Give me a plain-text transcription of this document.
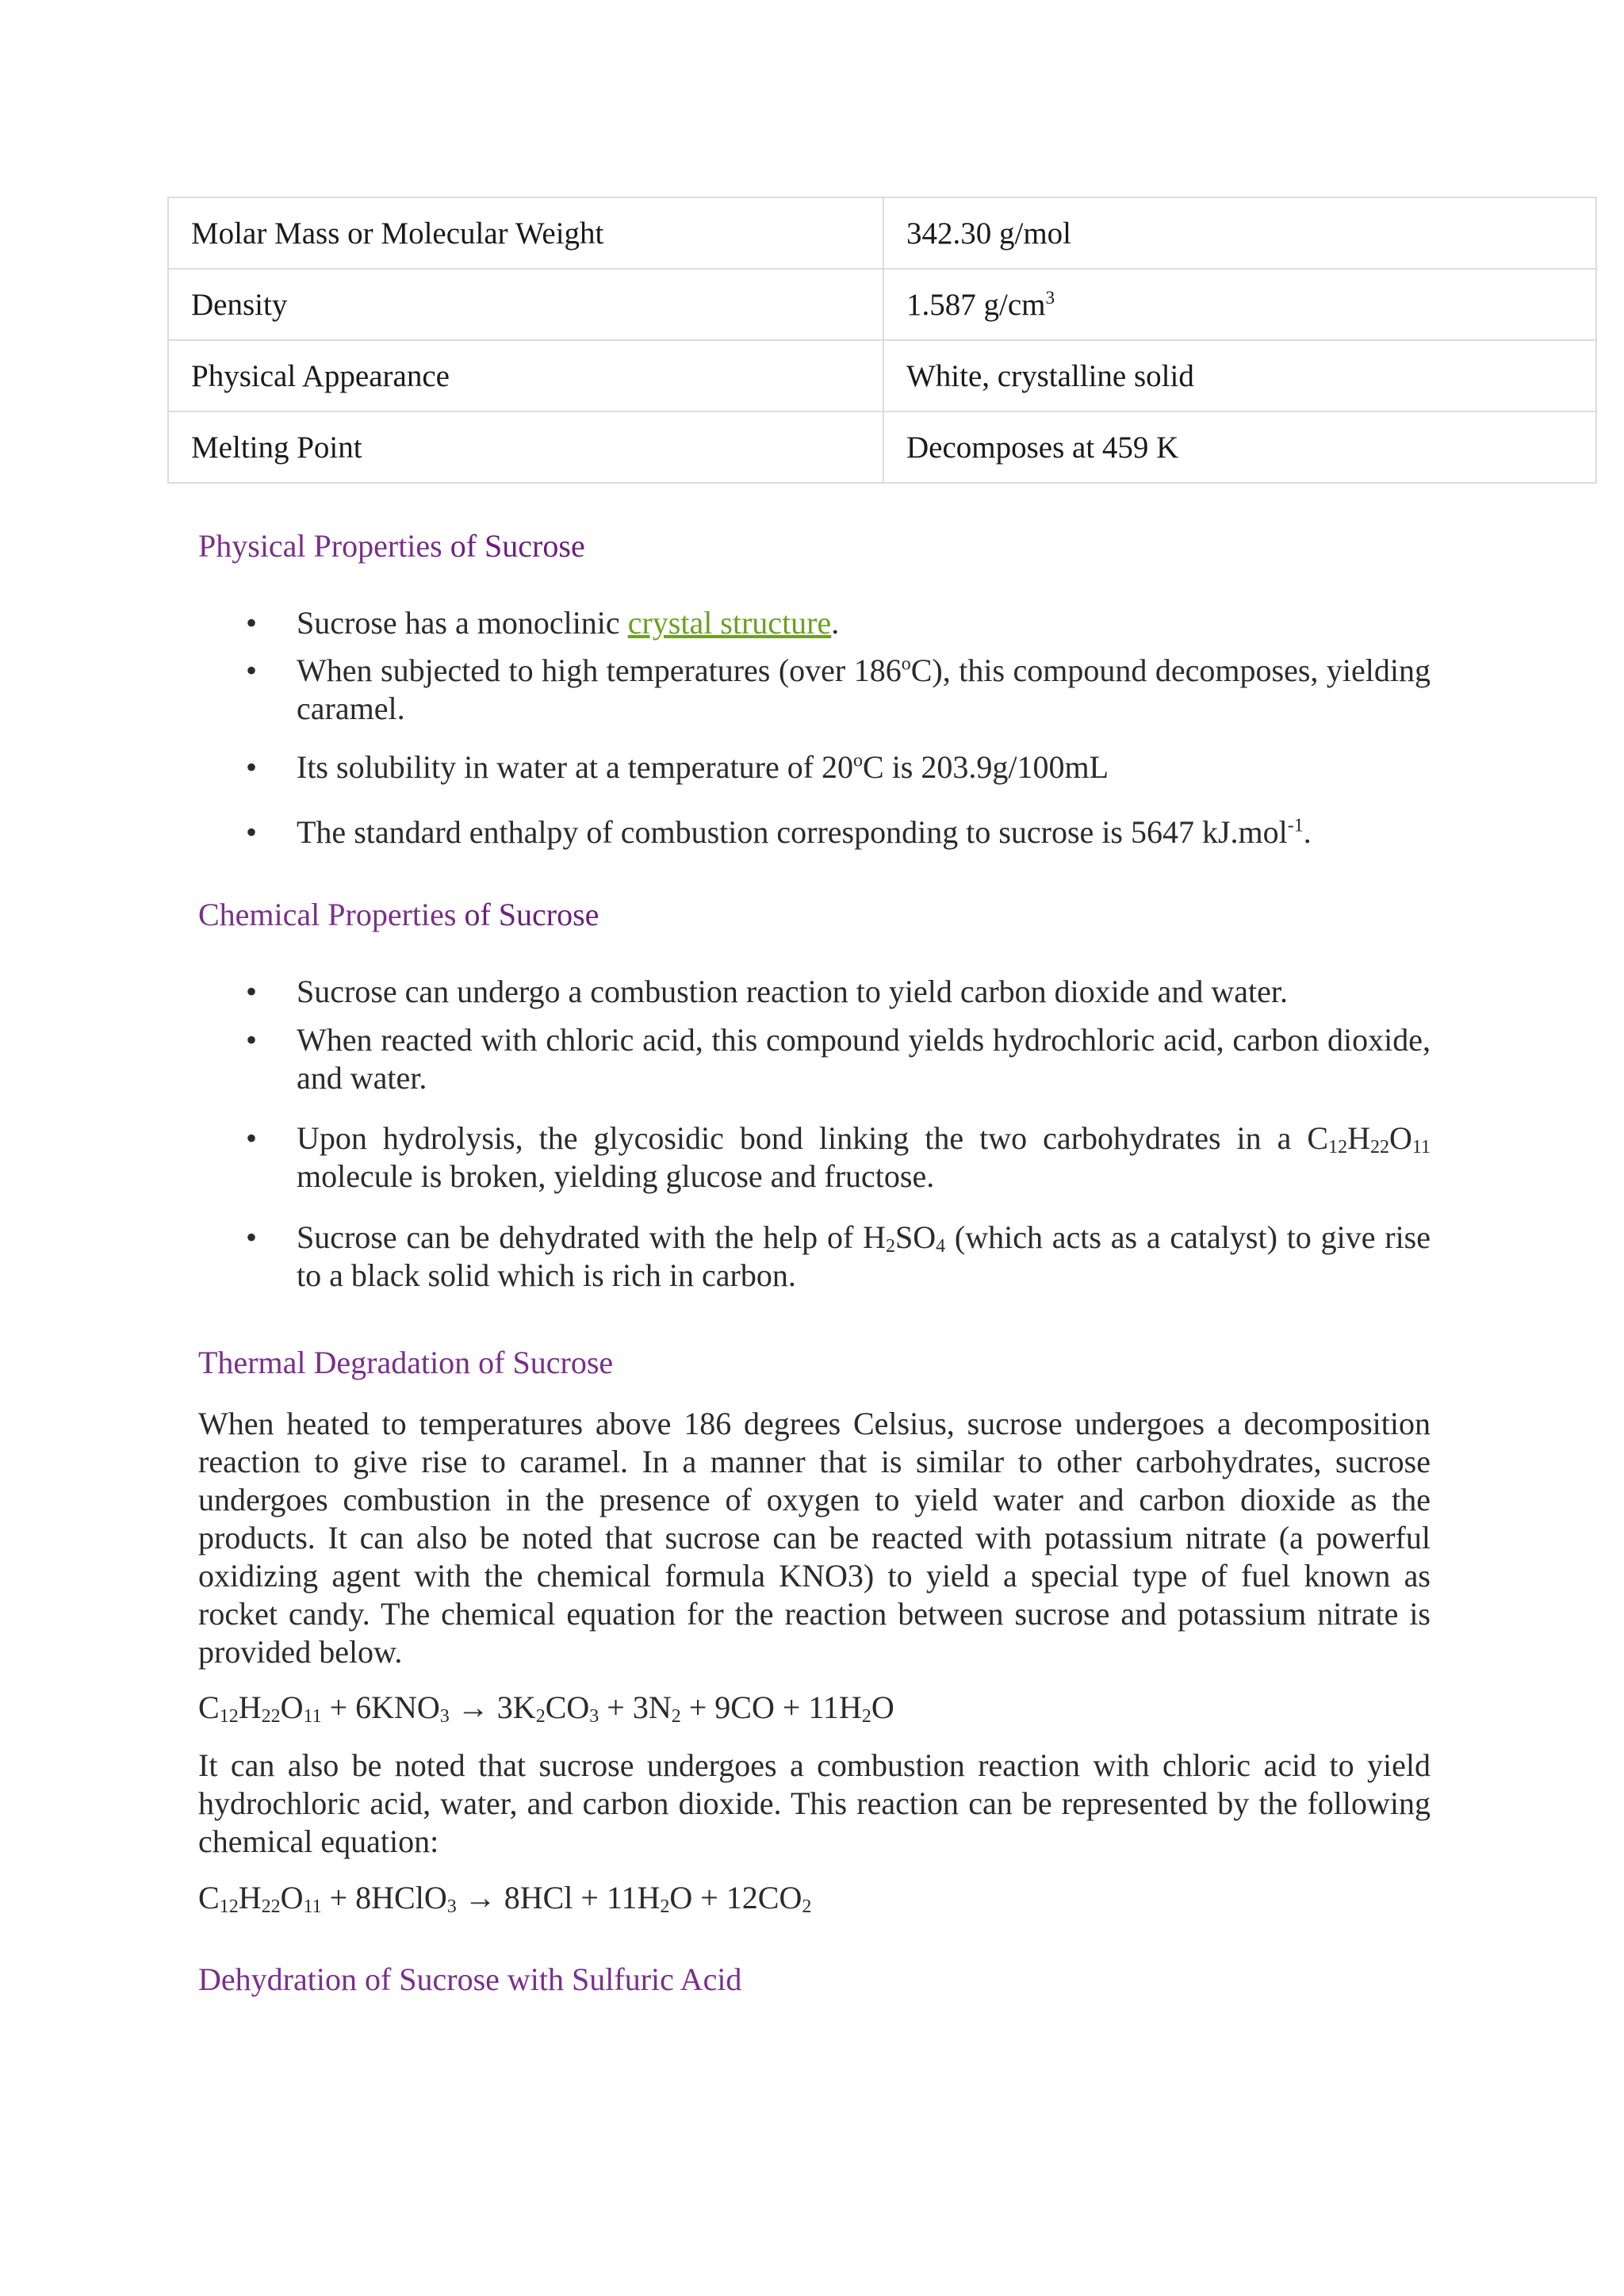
Molar Mass or Molecular Weight	342.30 g/mol
Density	1.587 $g/cm^3$
Physical Appearance	White, crystalline solid
Melting Point	Decomposes at 459 K
Physical Properties of Sucrose
• Sucrose has a monoclinic crystal structure.
• When subjected to high temperatures (over 186$^o$C), this compound decomposes, yielding caramel.
• Its solubility in water at a temperature of 20$^o$C is 203.9g/100mL
• The standard enthalpy of combustion corresponding to sucrose is 5647 kJ.mol$^{-1}$.
Chemical Properties of Sucrose
• Sucrose can undergo a combustion reaction to yield carbon dioxide and water.
• When reacted with chloric acid, this compound yields hydrochloric acid, carbon dioxide, and water.
• Upon hydrolysis, the glycosidic bond linking the two carbohydrates in a $C_{12}H_{22}O_{11}$ molecule is broken, yielding glucose and fructose.
• Sucrose can be dehydrated with the help of $H_2SO_4$ (which acts as a catalyst) to give rise to a black solid which is rich in carbon.
Thermal Degradation of Sucrose

When heated to temperatures above 186 degrees Celsius, sucrose undergoes a decomposition reaction to give rise to caramel. In a manner that is similar to other carbohydrates, sucrose undergoes combustion in the presence of oxygen to yield water and carbon dioxide as the products. It can also be noted that sucrose can be reacted with potassium nitrate (a powerful oxidizing agent with the chemical formula KNO3) to yield a special type of fuel known as rocket candy. The chemical equation for the reaction between sucrose and potassium nitrate is provided below.

$C_{12}H_{22}O_{11} + 6KNO_3 \to 3K_2CO_3 + 3N_2 + 9CO + 11H_2O$

It can also be noted that sucrose undergoes a combustion reaction with chloric acid to yield hydrochloric acid, water, and carbon dioxide. This reaction can be represented by the following chemical equation:

$C_{12}H_{22}O_{11}$ + 8HClO$_3$ → $8HCl + 11H_2O + 12CO_2$

Dehydration of Sucrose with Sulfuric Acid
